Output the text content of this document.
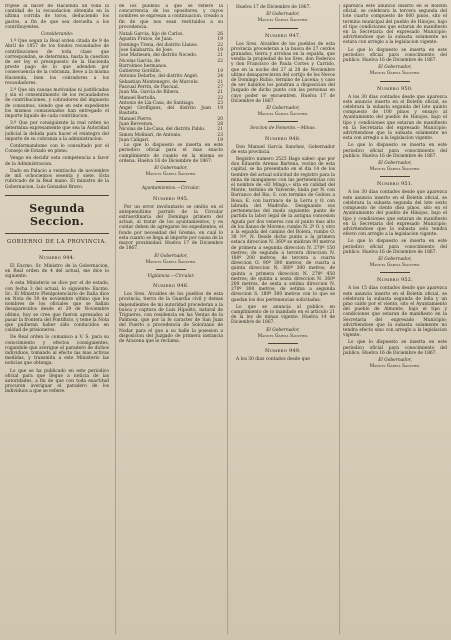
rrijese al bacer de Hacienda un toda la cantidad de la recaudacion obtenida en la ultima corrida de toros, deduciendo los gastos, a fin de que sea devuelta a los contribuyentes.

Considerando:

1.º Que segun la Real orden citada de 9 de Abril de 1857 de los fondos recaudados de contribuciones de toda clase que correspondan, se determina, hasta la cuestion de ser ley el presupuesto de la Hacienda preste pago de lo que adeuden por consecuencia de la cobranza, lleve a la misma Hacienda, bien los cobradores a los recaudadores.

2.º Que sin causas motivadas ni justificadas y sin el consentimiento de los recaudadores de contribuciones, y cobradores del impuesto de consumos, siendo que en este expediente los mismos comisionados han entregado el importe liquido de cada contribucion.

3.º Que por consiguiente la real orden no determina expresamente que sea la Autoridad judicial la debida para hacer el reintegro del importe de su cobranza a la administracion.

Conformandome con lo consultado por el Consejo de Estado en pleno.

Vengo en decidir esta competencia a favor de la Administracion.

Dado en Palacio a veintiocho de noviembre de mil ochocientos sesenta y siete. Esta rubricado de la Real mano. El ministro de la Gobernacion, Luis Gonzalez Bravo.

Segunda Seccion.
GOBIERNO DE LA PROVINCIA.
Numero 944.

El Excmo. Sr. Ministro de la Gobernacion, en Real orden de 4 del actual, me dice lo siguiente:

A esta Ministerio se dice por el de estado, con fecha 3 del actual, lo siguiente: Excmo. Sr.: El Ministro Plenipotenciario de Italia dice en Nota de 30 de noviembre ultimo que los nombres de los oficiales que se hallan desaparecidos desde el 29 de Noviembre ultimo, hoy se cree que fueron apresados al pasar la frontera del Pontificio, y teme la Nota que pudieran haber sido conducidos en calidad de prisioneros.

De Real orden lo comunico a V. S. para su conocimiento y efectos consiguientes, rogandole que averigue el paradero de dichos individuos, tomando al efecto las mas activas medidas, y transmita a este Ministerio las noticias que obtenga.

Lo que se ha publicado en este periodico oficial para que llegue a noticia de las autoridades, a fin de que con toda exactitud procuren averiguar el paradero de los individuos a que se refiere.

de los pueblos a que se refiere la concurrencia de los opositores, y cuyos nombres se expresan a continuacion, creado a fin de que nos sean restituidos a su procedencia.

Natali Garcia, hijo de Carlos.	26
Agustin Frutos, de Juan.	19
Domingo Trena, del distrito Llanos.	22
Jose Salabarria, de Jose.	19
Jose Matiesen, del distrito Nocedo.	21
Nicolas Garcia, de	22
Barrolmeo hermanos.	
Gutierrez Gordillo.	19
Antonio Delarbo, del distrito Angel.	24
Sebastian Montenegro, de Marcelo.	21
Pascual Perrin, de Pascual.	27
Juan Ma. Garcia de Ribera.	21
Manuel Bertolla.	22
Antonio de Lla-Casa, de Santiago.	23
Angel Groffiguez, del distrito Joan Bautista.	19
Manuel Pierre.	20
Juan Revvenon.	28
Nicolas de Lla-Casa, del distrito Pablo.	21
Simon Molinari, de Antonio.	23
Juan Caligari.	19

Lo que lo dispuesto se inserta en este periodico oficial para el mas exacto cumplimiento de cuanto en la misma se ordena. Huelva 16 de Diciembre de 1867.

El Gobernador,

Manuel Garcia Sanchez.

Ayuntamientos.—Circular.

Numero 945.

Por un error involuntario se omitio en el antepenultimo parrafo de la Circular extraordinaria del Domingo primero del actual, al tratar de los ayuntamientos, y es contar deben de agregarse los expedientes, el fondo por necesidad del Gremio, en cual lo esta cuanto se llega al importe por causa de la mayor proximidad. Huelva 17 de Diciembre de 1867.

El Gobernador,

Manuel Garcia Sanchez.

Vigilancia.—Circular.

Numero 946.

Los Sres. Alcaldes de los pueblos de esta provincia, tierra de la Guardia civil y demas dependientes de mi autoridad procederan a la busca y captura de Luis Hipolito, natural de Trigueros, con residencia en las Ventas de la Palmosa, que por la fe caracter de San Juan del Puerto a procedencia de Solorzano de Nodar para el que a su halle la posesion a disposicion del Juzgado de primera instancia de Aracena que lo reclama.

Huelva 17 de Diciembre de 1867.

El Gobernador,

Manuel Garcia Sanchez.

Numero 947.

Los Sres. Alcaldes de los pueblos de esta provincia procederan a la busca de 27 cerdos granados, tierra y arrobas en la espalda, que vendia la propiedad de los Sres. don Federico y don Francisco de Paula Cortes y Carrido, que en la noche del 27 al 28 de Noviembre ultimo desaparecieron del cortijo de los Nevos de Domingo Rubio, termino de Lucena; y caso de ser habidos los pondran a disposicion del Juzgado de dicho punto con las personas en cuyo poder se encuentren. Huelva 17 de Diciembre de 1867.

El Gobernador,

Manuel Garcia Sanchez.

Seccion de Fomento.—Minas.

Numero 948.

Don Manuel Garcia Sanchez, Gobernador de esta provincia.

Registro numero 2525 Hago saber: que por don Eduardo Arenas Bartena, vecino de esta capital, se ha presentado en el dia 14 de los tiembre del actual solicitud de registro para la mina de manganeso con las pertenencias con el nombre de «El Mingo,» sita en calidad del Monte, termino de Valverde, linda por N. con Barranco del Rio; S. con termino de Gobios a Rosa, E. con barranco de la Lerra y O. con labrada del Madroño. Designando sus pertenencias del modo siguiente: punto de partida la labor legal de la antigua concesion Aguda por dos veneros con el punto mas alto de los llanos de Moreno; rumbo N. 2º O. y otro a la espalda del camino del Bolera, rumbo O. 38 ½º, N. Desde dicho punto a la primera estaca direccion N. 360º se midiran 90 metros de primera a segunda direccion N. 270º 150 metros; de segunda a tercera direccion N. 180º 200 metros; de tercera a cuarta direccion O. 90º 300 metros; de cuarta a quinta direccion N. 360º 300 metros; de quinta a primera direccion N. 270º 450 metros; de quinta a sexta direccion N. 360º 200 metros, de sexta a setima direccion N. 270º 300 metros; de setima a segunda direccion S. 180º 300 metros con lo que se quedan los dos pertenencias solicitadas.

Lo que se anuncia al publico en cumplimiento de lo mandado en el articulo 21 de la ley de minas vigente. Huelva 14 de Diciembre de 1867.

El Gobernador,

Manuel Garcia Sanchez.

Numero 949.

A los 30 dias contados desde que

aparezca este anuncio inserto en el Boletin oficial, se celebrara la tercera segunda del lote cuarto compuesto de 600 pinos, sito el termino municipal del pueblo de Hinojos, bajo el tipo condiciones que estaran de manifiesto en la Secretaria del expresado Municipio; advirtiendose que la subasta solamente no estara con arreglo a la legislacion vigente.

Lo que lo dispuesto se inserta en este periodico oficial para conocimiento del publico. Huelva 16 de Diciembre de 1867.

El Gobernador,

Manuel Garcia Sanchez.

Numero 950.

A los 30 dias contados desde que aparezca este anuncio inserto en el Boletin oficial, se celebrara la subasta segunda del lote quinto compuesto de 100 pinos y ensayo al Ayuntamiento del pueblo de Hinojos, bajo el tipo y condiciones que estaran de manifiesto en la Secretaria del expresado Municipio; advirtiendose que la subasta solamente no esta con arreglo a la legislacion vigente.

Lo que lo dispuesto se inserta en este periodico oficial para conocimiento del publico. Huelva 16 de Diciembre de 1867.

El Gobernador,

Manuel Garcia Sanchez.

Numero 951.

A los 30 dias contados desde que aparezca este anuncio inserto en el Boletin oficial, se celebrara la subasta segunda del lote sexto compuesto de ciento diez pinos, sito en el Ayuntamiento del pueblo de Hinojos, bajo el tipo y condiciones que estaran de manifiesto en la Secretaria del expresado Municipio; advirtiendose que la subasta solo tendra efecto con arreglo a la legislacion vigente.

Lo que lo dispuesto se inserta en este periodico oficial para conocimiento del publico. Huelva 16 de Diciembre de 1867.

El Gobernador,

Manuel Garcia Sanchez.

Numero 952.

A los 15 dias contados desde que aparezca este anuncio inserto en el Boletin oficial, se celebrara la subasta segunda de leña y un pino caido por el viento, sito el Ayuntamiento del pueblo de Almonte, bajo el tipo y condiciones que estaran de manifiesto en la Secretaria del expresado Municipio; advirtiendose que la subasta solamente no tendra efecto sino con arreglo a la legislacion vigente.

Lo que lo dispuesto se inserta en este periodico oficial para conocimiento del publico. Huelva 16 de Diciembre de 1867.

El Gobernador,

Manuel Garcia Sanchez.
